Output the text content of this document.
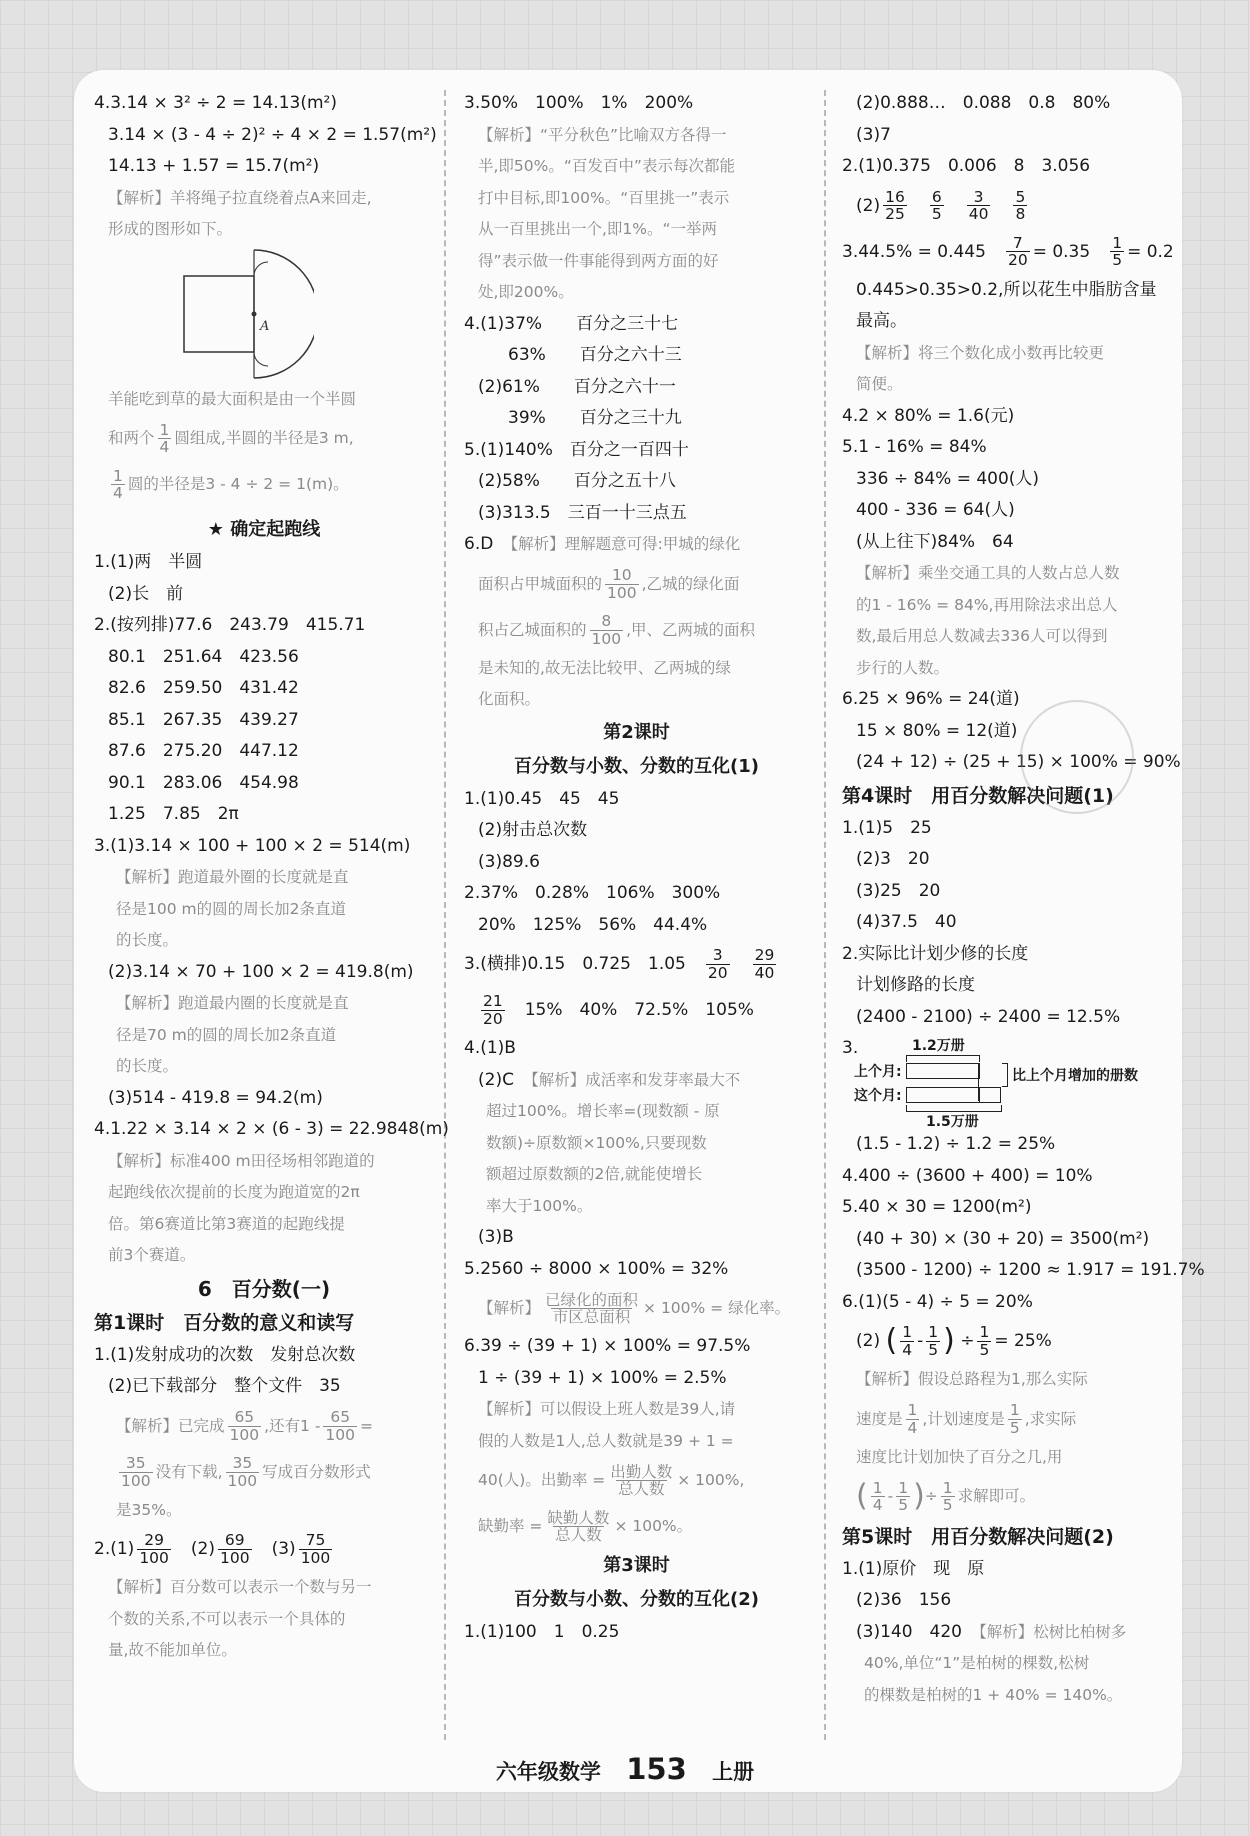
4.3.14 × 3² ÷ 2 = 14.13(m²)
3.14 × (3 - 4 ÷ 2)² ÷ 4 × 2 = 1.57(m²)
14.13 + 1.57 = 15.7(m²)
【解析】羊将绳子拉直绕着点A来回走,
形成的图形如下。
A
羊能吃到草的最大面积是由一个半圆
和两个 $\frac{1}{4}$ 圆组成,半圆的半径是3 m,
$\frac{1}{4}$ 圆的半径是3 - 4 ÷ 2 = 1(m)。
★ 确定起跑线
1.(1)两　半圆
(2)长　前
2.(按列排)77.6　243.79　415.71
80.1　251.64　423.56
82.6　259.50　431.42
85.1　267.35　439.27
87.6　275.20　447.12
90.1　283.06　454.98
1.25　7.85　2π
3.(1)3.14 × 100 + 100 × 2 = 514(m)
【解析】跑道最外圈的长度就是直
径是100 m的圆的周长加2条直道
的长度。
(2)3.14 × 70 + 100 × 2 = 419.8(m)
【解析】跑道最内圈的长度就是直
径是70 m的圆的周长加2条直道
的长度。
(3)514 - 419.8 = 94.2(m)
4.1.22 × 3.14 × 2 × (6 - 3) = 22.9848(m)
【解析】标准400 m田径场相邻跑道的
起跑线依次提前的长度为跑道宽的2π
倍。第6赛道比第3赛道的起跑线提
前3个赛道。
6　百分数(一)
第1课时　百分数的意义和读写
1.(1)发射成功的次数　发射总次数
(2)已下载部分　整个文件　35
【解析】已完成 $\frac{65}{100}$ ,还有$1 - \frac{65}{100}$ =
$\frac{35}{100}$ 没有下载, $\frac{35}{100}$ 写成百分数形式
是35%。
$2.(1) \frac{29}{100}$
　 $(2) \frac{69}{100}$
　 $(3) \frac{75}{100}$
【解析】百分数可以表示一个数与另一
个数的关系,不可以表示一个具体的
量,故不能加单位。
3.50%　100%　1%　200%
【解析】“平分秋色”比喻双方各得一
半,即50%。“百发百中”表示每次都能
打中目标,即100%。“百里挑一”表示
从一百里挑出一个,即1%。“一举两
得”表示做一件事能得到两方面的好
处,即200%。
4.(1)37%　　百分之三十七
63%　　百分之六十三
(2)61%　　百分之六十一
39%　　百分之三十九
5.(1)140%　百分之一百四十
(2)58%　　百分之五十八
(3)313.5　三百一十三点五
6.D　 【解析】理解题意可得:甲城的绿化
面积占甲城面积的 $\frac{10}{100}$ ,乙城的绿化面
积占乙城面积的 $\frac{8}{100}$ ,甲、乙两城的面积
是未知的,故无法比较甲、乙两城的绿
化面积。
第2课时
百分数与小数、分数的互化(1)
1.(1)0.45　45　45
(2)射击总次数
(3)89.6
2.37%　0.28%　106%　300%
20%　125%　56%　44.4%
3.(横排)0.15　0.725　1.05　 $\frac{3}{20}$
　 $\frac{29}{40}$
$\frac{21}{20}$
　 15%　40%　72.5%　105%
4.(1)B
(2)C　 【解析】成活率和发芽率最大不
超过100%。增长率=(现数额 - 原
数额)÷原数额×100%,只要现数
额超过原数额的2倍,就能使增长
率大于100%。
(3)B
5.2560 ÷ 8000 × 100% = 32%
【解析】 已绿化的面积
市区总面积 × 100% = 绿化率。
6.39 ÷ (39 + 1) × 100% = 97.5%
1 ÷ (39 + 1) × 100% = 2.5%
【解析】可以假设上班人数是39人,请
假的人数是1人,总人数就是39 + 1 =
40(人)。出勤率 = 出勤人数
总人数 × 100%,
缺勤率 = 缺勤人数
总人数 × 100%。
第3课时
百分数与小数、分数的互化(2)
1.(1)100　1　0.25
(2)0.888…　0.088　0.8　80%
(3)7
2.(1)0.375　0.006　8　3.056
$(2) \frac{16}{25}$
　 $\frac{6}{5}$
　 $\frac{3}{40}$
　 $\frac{5}{8}$
3.44.5% = 0.445　 $\frac{7}{20} = 0.35$　 $\frac{1}{5} = 0.2$
0.445>0.35>0.2,所以花生中脂肪含量
最高。
【解析】将三个数化成小数再比较更
简便。
4.2 × 80% = 1.6(元)
5.1 - 16% = 84%
336 ÷ 84% = 400(人)
400 - 336 = 64(人)
(从上往下)84%　64
【解析】乘坐交通工具的人数占总人数
的1 - 16% = 84%,再用除法求出总人
数,最后用总人数减去336人可以得到
步行的人数。
6.25 × 96% = 24(道)
15 × 80% = 12(道)
(24 + 12) ÷ (25 + 15) × 100% = 90%
第4课时　用百分数解决问题(1)
1.(1)5　25
(2)3　20
(3)25　20
(4)37.5　40
2.实际比计划少修的长度
计划修路的长度
(2400 - 2100) ÷ 2400 = 12.5%
3.	1.2万册
上个月:	比上个月增加的册数
这个月:
1.5万册
(1.5 - 1.2) ÷ 1.2 = 25%
4.400 ÷ (3600 + 400) = 10%
5.40 × 30 = 1200(m²)
(40 + 30) × (30 + 20) = 3500(m²)
(3500 - 1200) ÷ 1200 ≈ 1.917 = 191.7%
6.(1)(5 - 4) ÷ 5 = 20%
(2) ( $\frac{1}{4} - \frac{1}{5}$ ) ÷ $\frac{1}{5} = 25\%$
【解析】假设总路程为1,那么实际
速度是 $\frac{1}{4}$ ,计划速度是 $\frac{1}{5}$ ,求实际
速度比计划加快了百分之几,用
( $\frac{1}{4} - \frac{1}{5}$ )÷ $\frac{1}{5}$ 求解即可。
第5课时　用百分数解决问题(2)
1.(1)原价　现　原
(2)36　156
(3)140　420　 【解析】松树比柏树多
40%,单位“1”是柏树的棵数,松树
的棵数是柏树的1 + 40% = 140%。
六年级数学 153 上册
